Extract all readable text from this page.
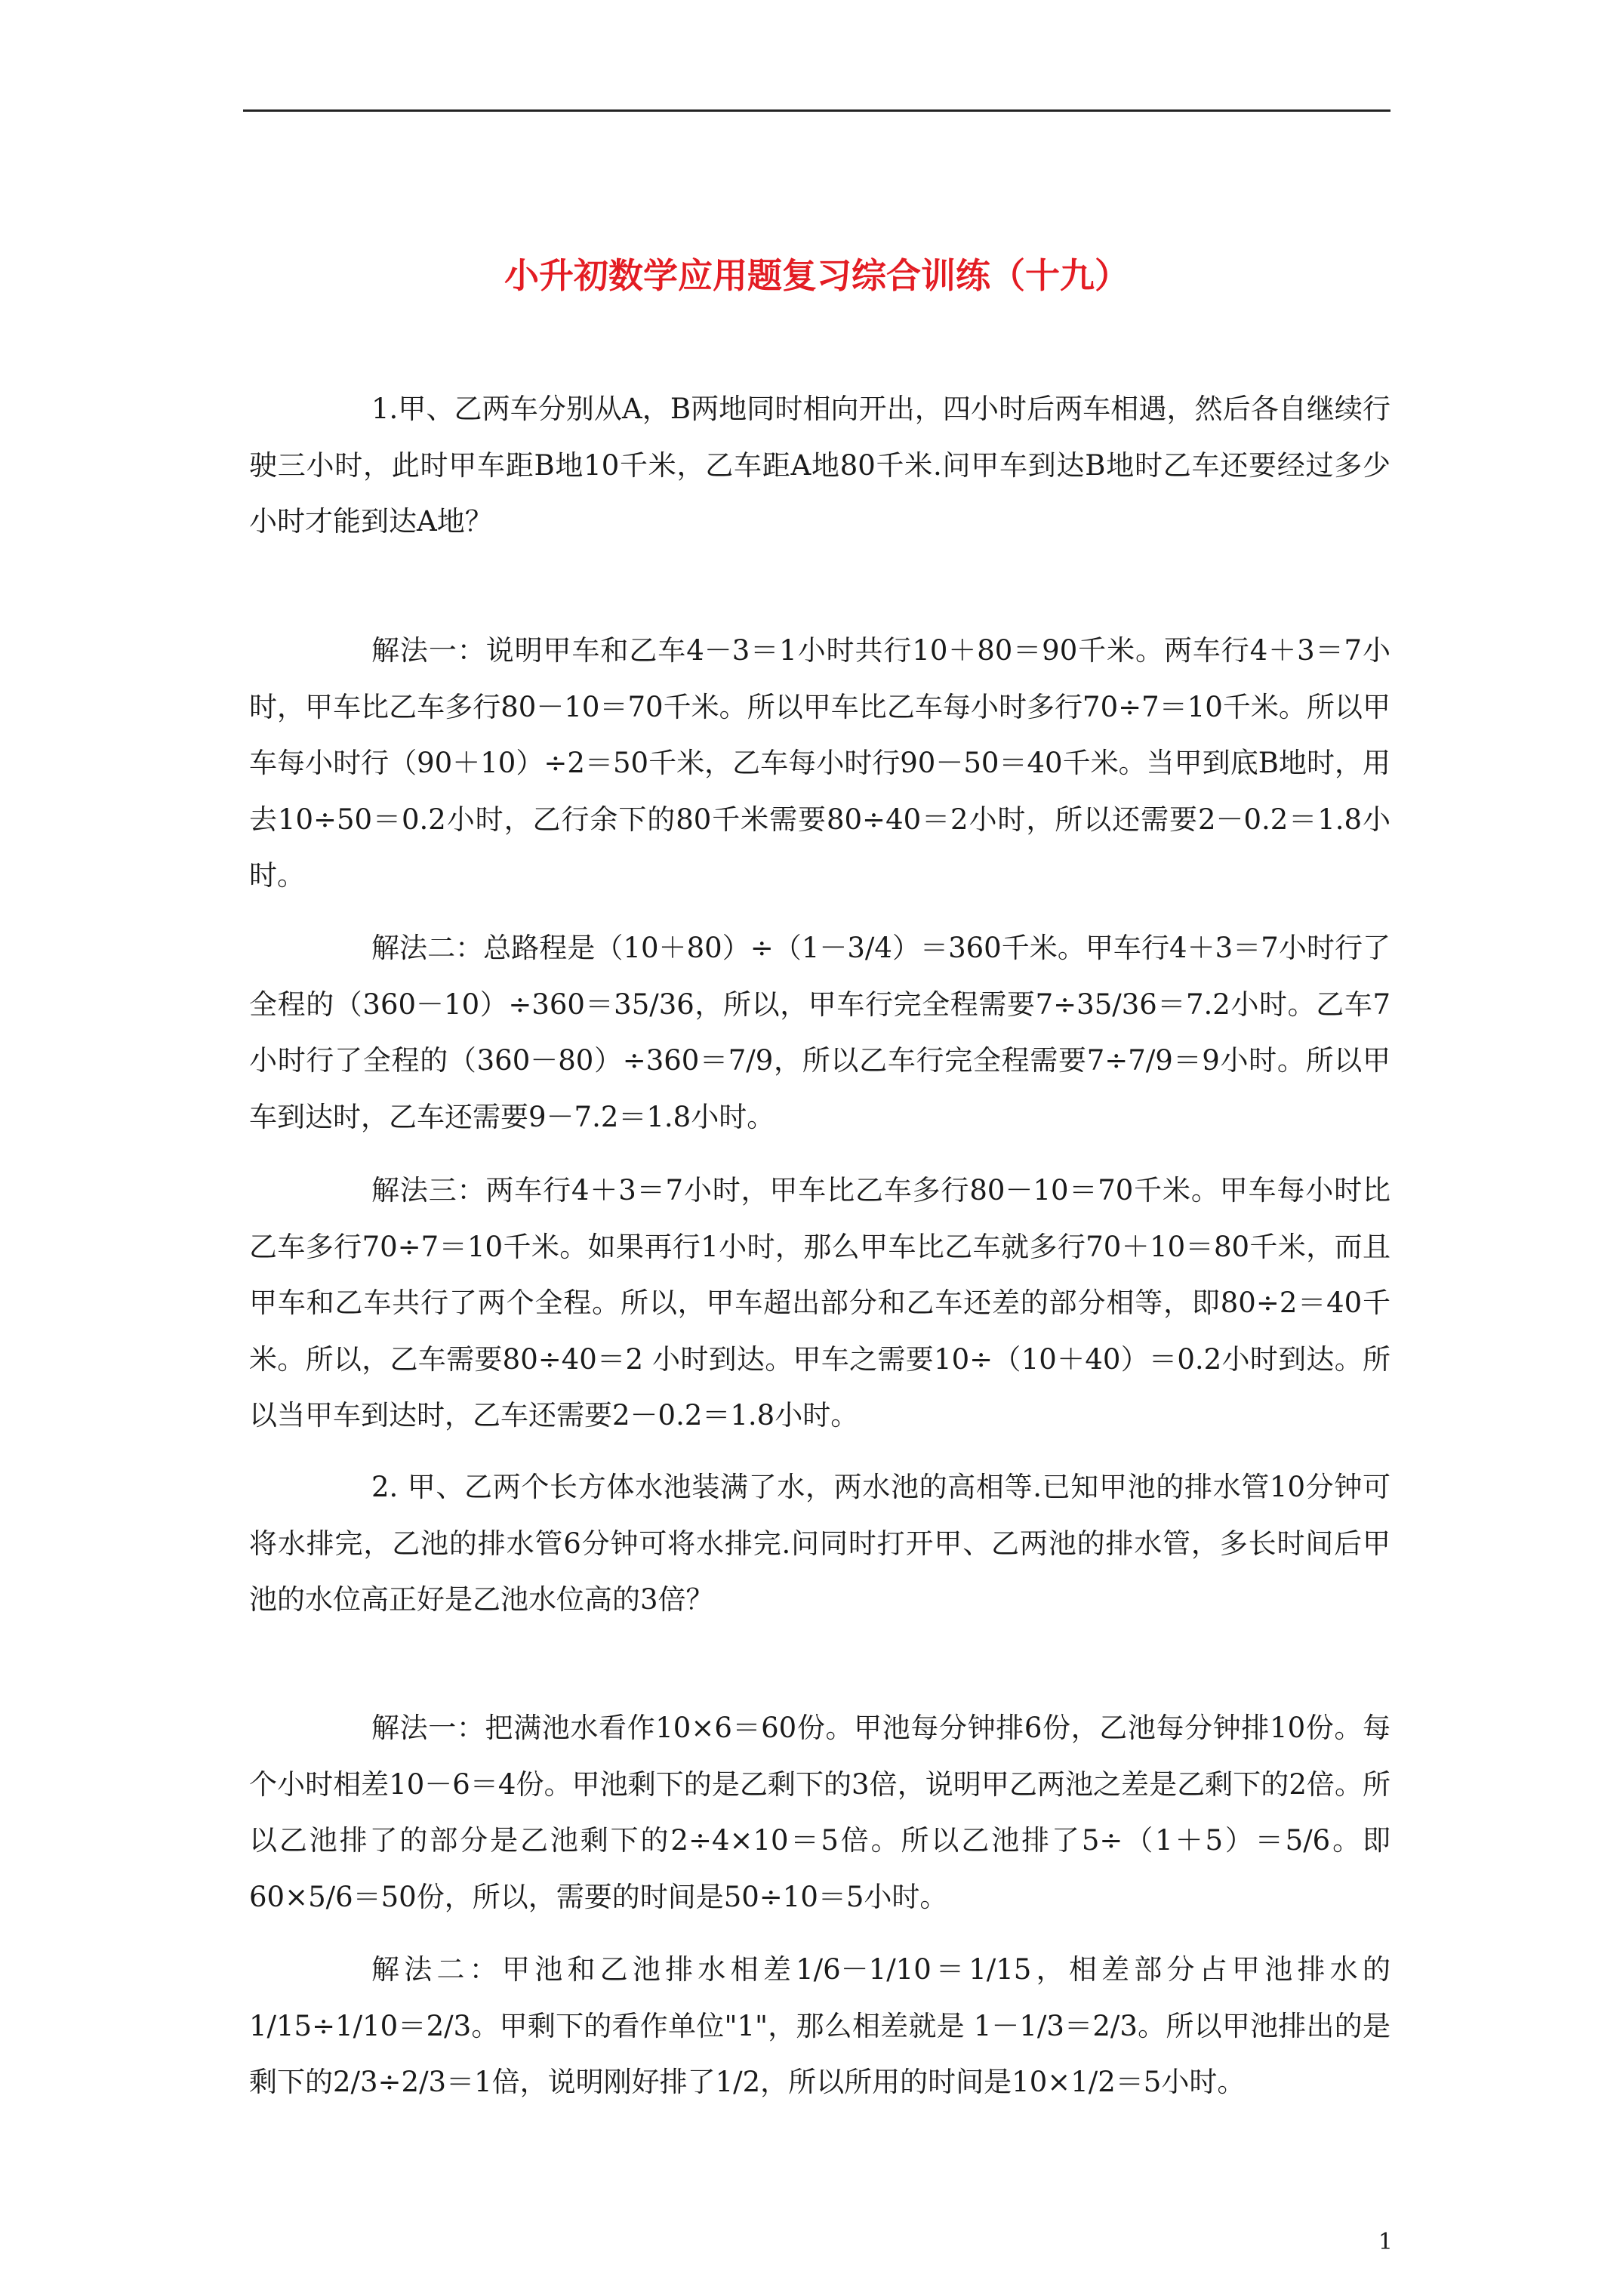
小升初数学应用题复习综合训练（十九）

1.甲、乙两车分别从A，B两地同时相向开出，四小时后两车相遇，然后各自继续行驶三小时，此时甲车距B地10千米，乙车距A地80千米.问甲车到达B地时乙车还要经过多少小时才能到达A地？

解法一：说明甲车和乙车4－3＝1小时共行10＋80＝90千米。两车行4＋3＝7小时，甲车比乙车多行80－10＝70千米。所以甲车比乙车每小时多行70÷7＝10千米。所以甲车每小时行（90＋10）÷2＝50千米，乙车每小时行90－50＝40千米。当甲到底B地时，用去10÷50＝0.2小时，乙行余下的80千米需要80÷40＝2小时，所以还需要2－0.2＝1.8小时。

解法二：总路程是（10＋80）÷（1－3/4）＝360千米。甲车行4＋3＝7小时行了全程的（360－10）÷360＝35/36，所以，甲车行完全程需要7÷35/36＝7.2小时。乙车7小时行了全程的（360－80）÷360＝7/9，所以乙车行完全程需要7÷7/9＝9小时。所以甲车到达时，乙车还需要9－7.2＝1.8小时。

解法三：两车行4＋3＝7小时，甲车比乙车多行80－10＝70千米。甲车每小时比乙车多行70÷7＝10千米。如果再行1小时，那么甲车比乙车就多行70＋10＝80千米，而且甲车和乙车共行了两个全程。所以，甲车超出部分和乙车还差的部分相等，即80÷2＝40千米。所以，乙车需要80÷40＝2 小时到达。甲车之需要10÷（10＋40）＝0.2小时到达。所以当甲车到达时，乙车还需要2－0.2＝1.8小时。

2. 甲、乙两个长方体水池装满了水，两水池的高相等.已知甲池的排水管10分钟可将水排完，乙池的排水管6分钟可将水排完.问同时打开甲、乙两池的排水管，多长时间后甲池的水位高正好是乙池水位高的3倍？

解法一：把满池水看作10×6＝60份。甲池每分钟排6份，乙池每分钟排10份。每个小时相差10－6＝4份。甲池剩下的是乙剩下的3倍，说明甲乙两池之差是乙剩下的2倍。所以乙池排了的部分是乙池剩下的2÷4×10＝5倍。所以乙池排了5÷（1＋5）＝5/6。即60×5/6＝50份，所以，需要的时间是50÷10＝5小时。

解法二：甲池和乙池排水相差1/6－1/10＝1/15，相差部分占甲池排水的1/15÷1/10＝2/3。甲剩下的看作单位"1"，那么相差就是 1－1/3＝2/3。所以甲池排出的是剩下的2/3÷2/3＝1倍，说明刚好排了1/2，所以所用的时间是10×1/2＝5小时。

1
